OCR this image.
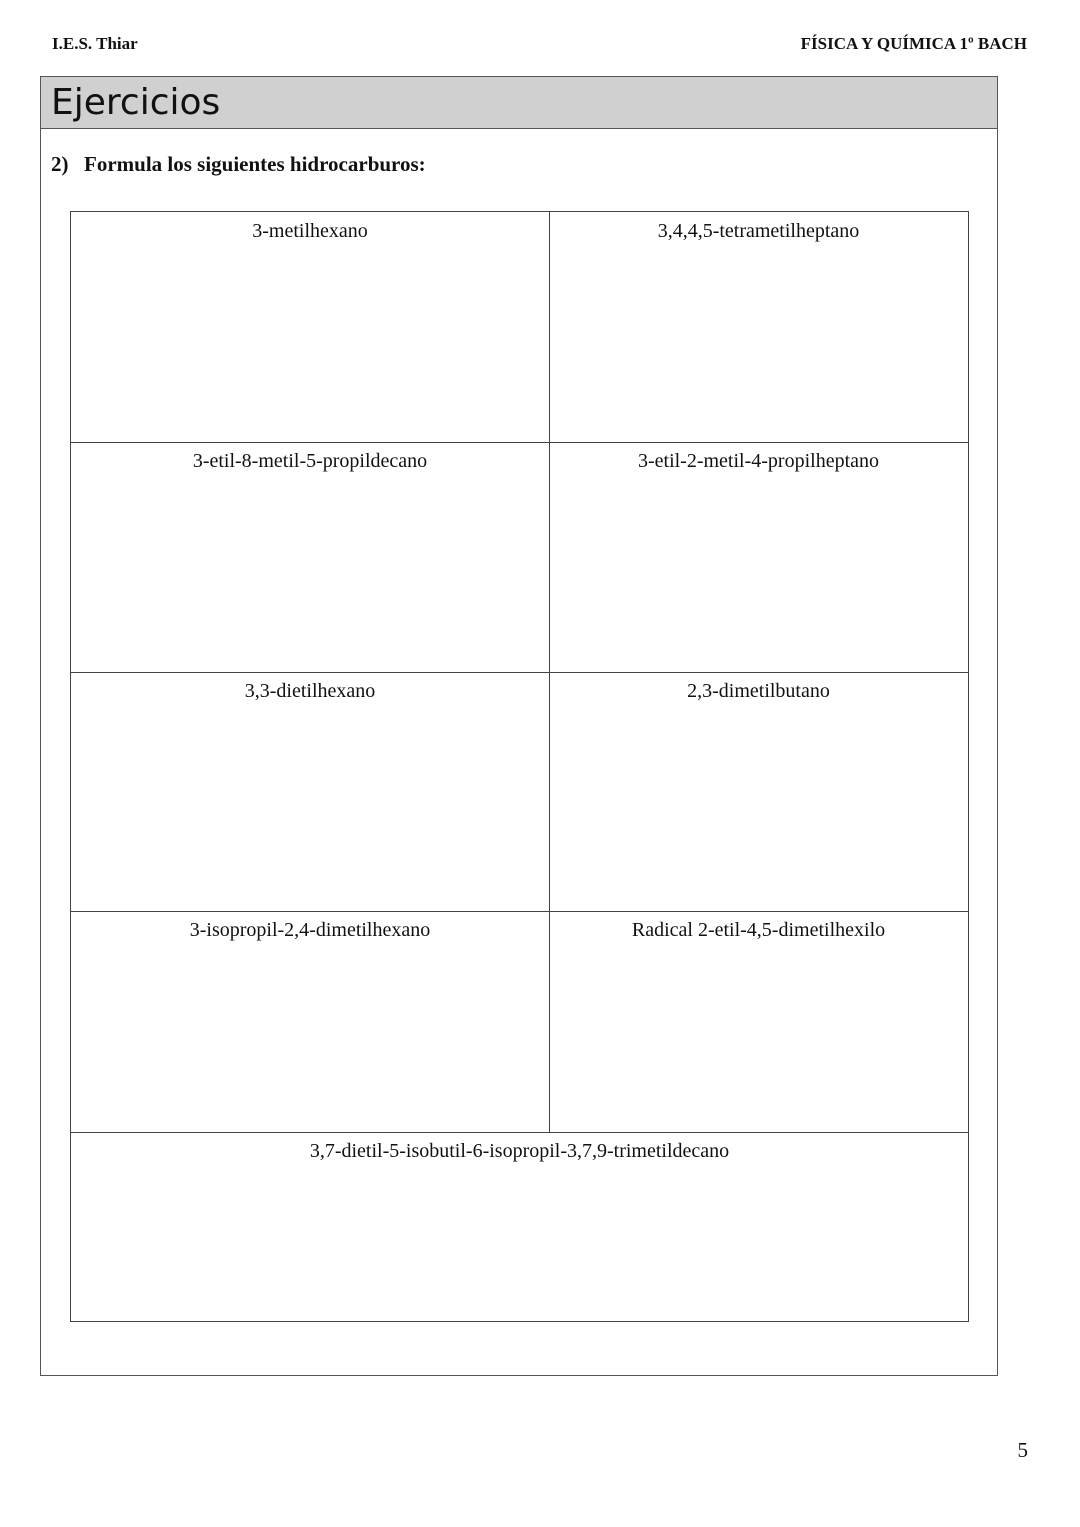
I.E.S. Thiar	FÍSICA Y QUÍMICA 1º BACH
Ejercicios
2) Formula los siguientes hidrocarburos:
3-metilhexano	3,4,4,5-tetrametilheptano
3-etil-8-metil-5-propildecano	3-etil-2-metil-4-propilheptano
3,3-dietilhexano	2,3-dimetilbutano
3-isopropil-2,4-dimetilhexano	Radical 2-etil-4,5-dimetilhexilo
3,7-dietil-5-isobutil-6-isopropil-3,7,9-trimetildecano
5
